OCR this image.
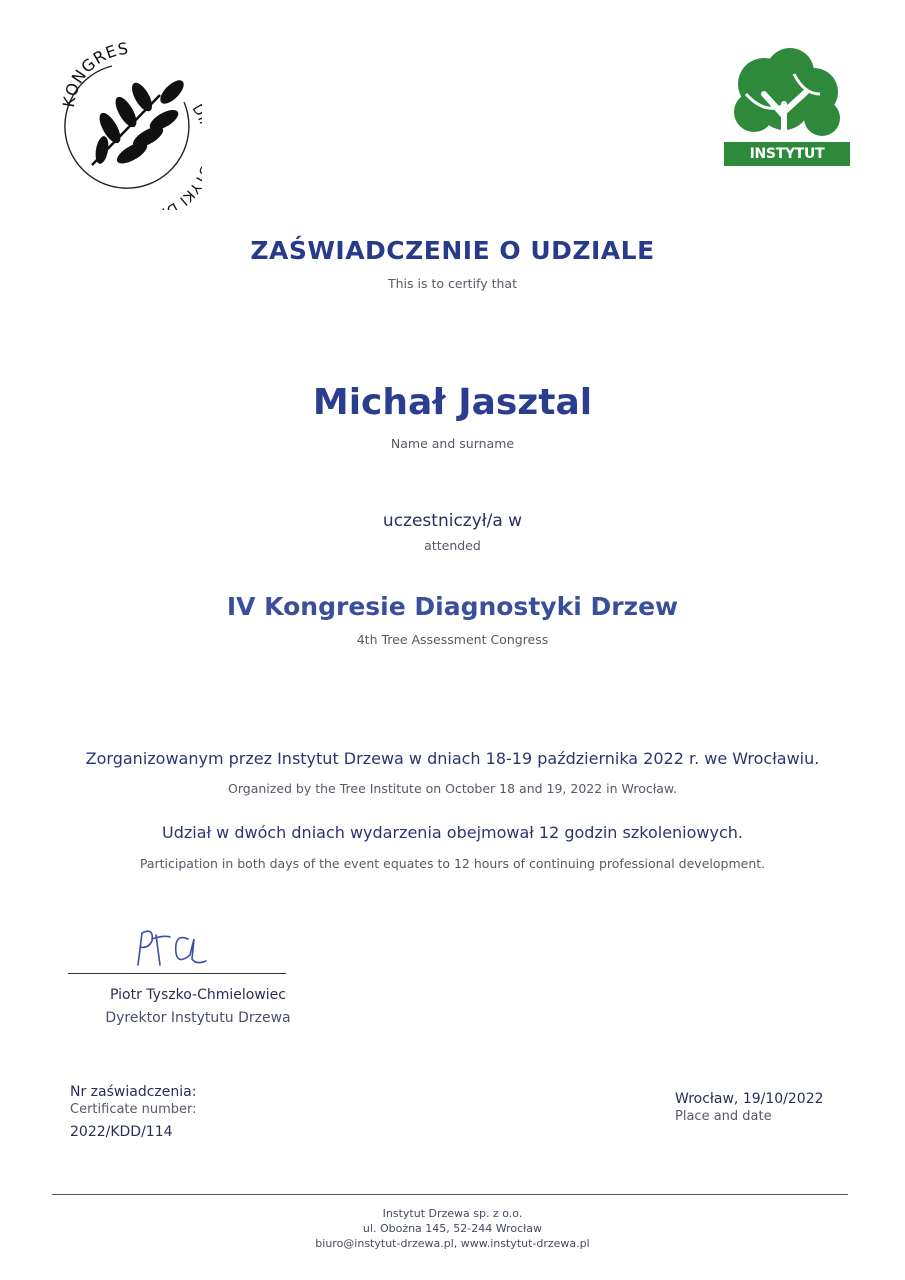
KONGRES
KI D
INSTYTUT DRZEWA
ZAŚWIADCZENIE O UDZIALE
This is to certify that
Michał Jasztal
Name and surname
uczestniczył/a w
attended
IV Kongresie Diagnostyki Drzew
4th Tree Assessment Congress
Zorganizowanym przez Instytut Drzewa w dniach 18-19 października 2022 r. we Wrocławiu.
Organized by the Tree Institute on October 18 and 19, 2022 in Wrocław.
Udział w dwóch dniach wydarzenia obejmował 12 godzin szkoleniowych.
Participation in both days of the event equates to 12 hours of continuing professional development.
Piotr Tyszko-Chmielowiec
Dyrektor Instytutu Drzewa
Nr zaświadczenia:
Certificate number:
2022/KDD/114
Wrocław, 19/10/2022
Place and date
Instytut Drzewa sp. z o.o.
ul. Obożna 145, 52-244 Wrocław
biuro@instytut-drzewa.pl, www.instytut-drzewa.pl
